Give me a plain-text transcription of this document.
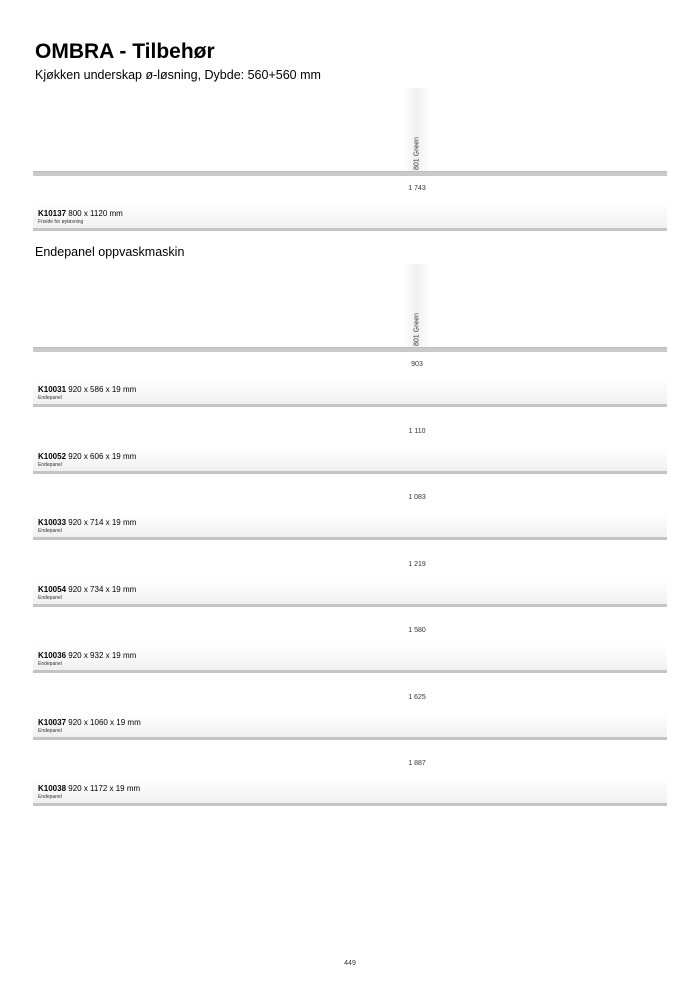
OMBRA - Tilbehør
Kjøkken underskap ø-løsning, Dybde: 560+560 mm
801 Green
1 743
K10137 800 x 1120 mm
Friside for øyløsning
Endepanel oppvaskmaskin
801 Green
903
K10031 920 x 586 x 19 mm
Endepanel
1 110
K10052 920 x 606 x 19 mm
Endepanel
1 083
K10033 920 x 714 x 19 mm
Endepanel
1 219
K10054 920 x 734 x 19 mm
Endepanel
1 580
K10036 920 x 932 x 19 mm
Endepanel
1 625
K10037 920 x 1060 x 19 mm
Endepanel
1 887
K10038 920 x 1172 x 19 mm
Endepanel
449
